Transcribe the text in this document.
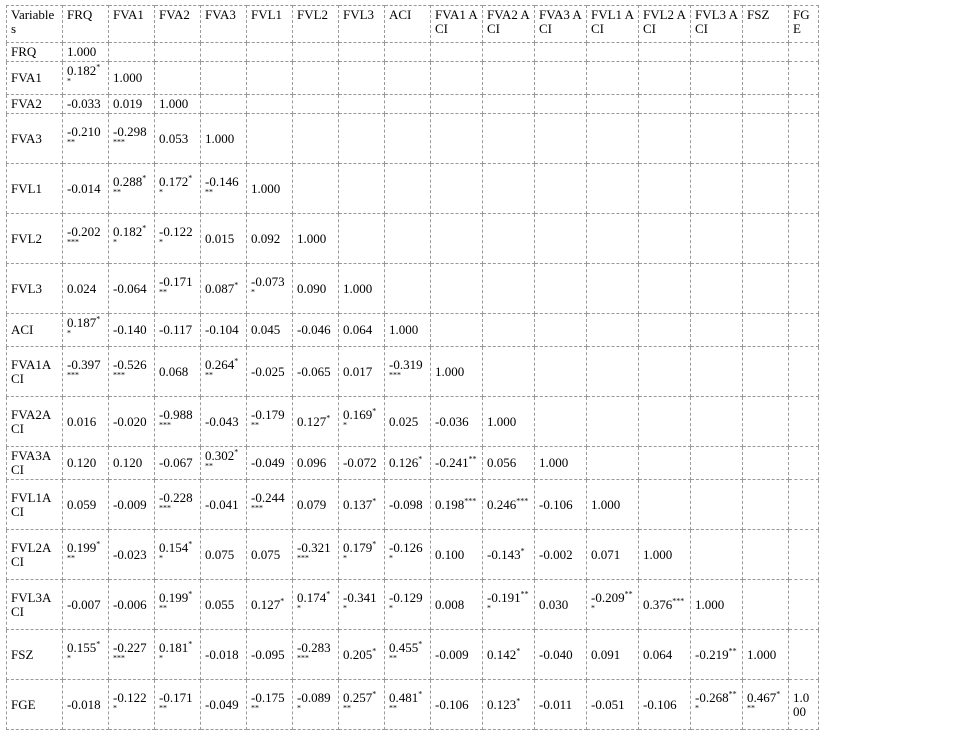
Variables	FRQ	FVA1	FVA2	FVA3	FVL1	FVL2	FVL3	ACI	FVA1 ACI	FVA2 ACI	FVA3 ACI	FVL1 ACI	FVL2 ACI	FVL3 ACI	FSZ	FGE
FRQ	1.000															
FVA1	0.182**	1.000														
FVA2	-0.033	0.019	1.000													
FVA3	-0.210**	-0.298***	0.053	1.000												
FVL1	-0.014	0.288***	0.172**	-0.146**	1.000											
FVL2	-0.202***	0.182**	-0.122*	0.015	0.092	1.000										
FVL3	0.024	-0.064	-0.171**	0.087*	-0.073*	0.090	1.000									
ACI	0.187**	-0.140	-0.117	-0.104	0.045	-0.046	0.064	1.000								
FVA1ACI	-0.397***	-0.526***	0.068	0.264***	-0.025	-0.065	0.017	-0.319***	1.000							
FVA2ACI	0.016	-0.020	-0.988***	-0.043	-0.179**	0.127*	0.169**	0.025	-0.036	1.000						
FVA3ACI	0.120	0.120	-0.067	0.302***	-0.049	0.096	-0.072	0.126*	-0.241**	0.056	1.000					
FVL1ACI	0.059	-0.009	-0.228***	-0.041	-0.244***	0.079	0.137*	-0.098	0.198***	0.246***	-0.106	1.000				
FVL2ACI	0.199***	-0.023	0.154**	0.075	0.075	-0.321***	0.179**	-0.126*	0.100	-0.143*	-0.002	0.071	1.000			
FVL3ACI	-0.007	-0.006	0.199***	0.055	0.127*	0.174**	-0.341*	-0.129*	0.008	-0.191***	0.030	-0.209***	0.376***	1.000		
FSZ	0.155**	-0.227***	0.181**	-0.018	-0.095	-0.283***	0.205*	0.455***	-0.009	0.142*	-0.040	0.091	0.064	-0.219**	1.000	
FGE	-0.018	-0.122*	-0.171**	-0.049	-0.175**	-0.089*	0.257***	0.481***	-0.106	0.123*	-0.011	-0.051	-0.106	-0.268***	0.467***	1.000
